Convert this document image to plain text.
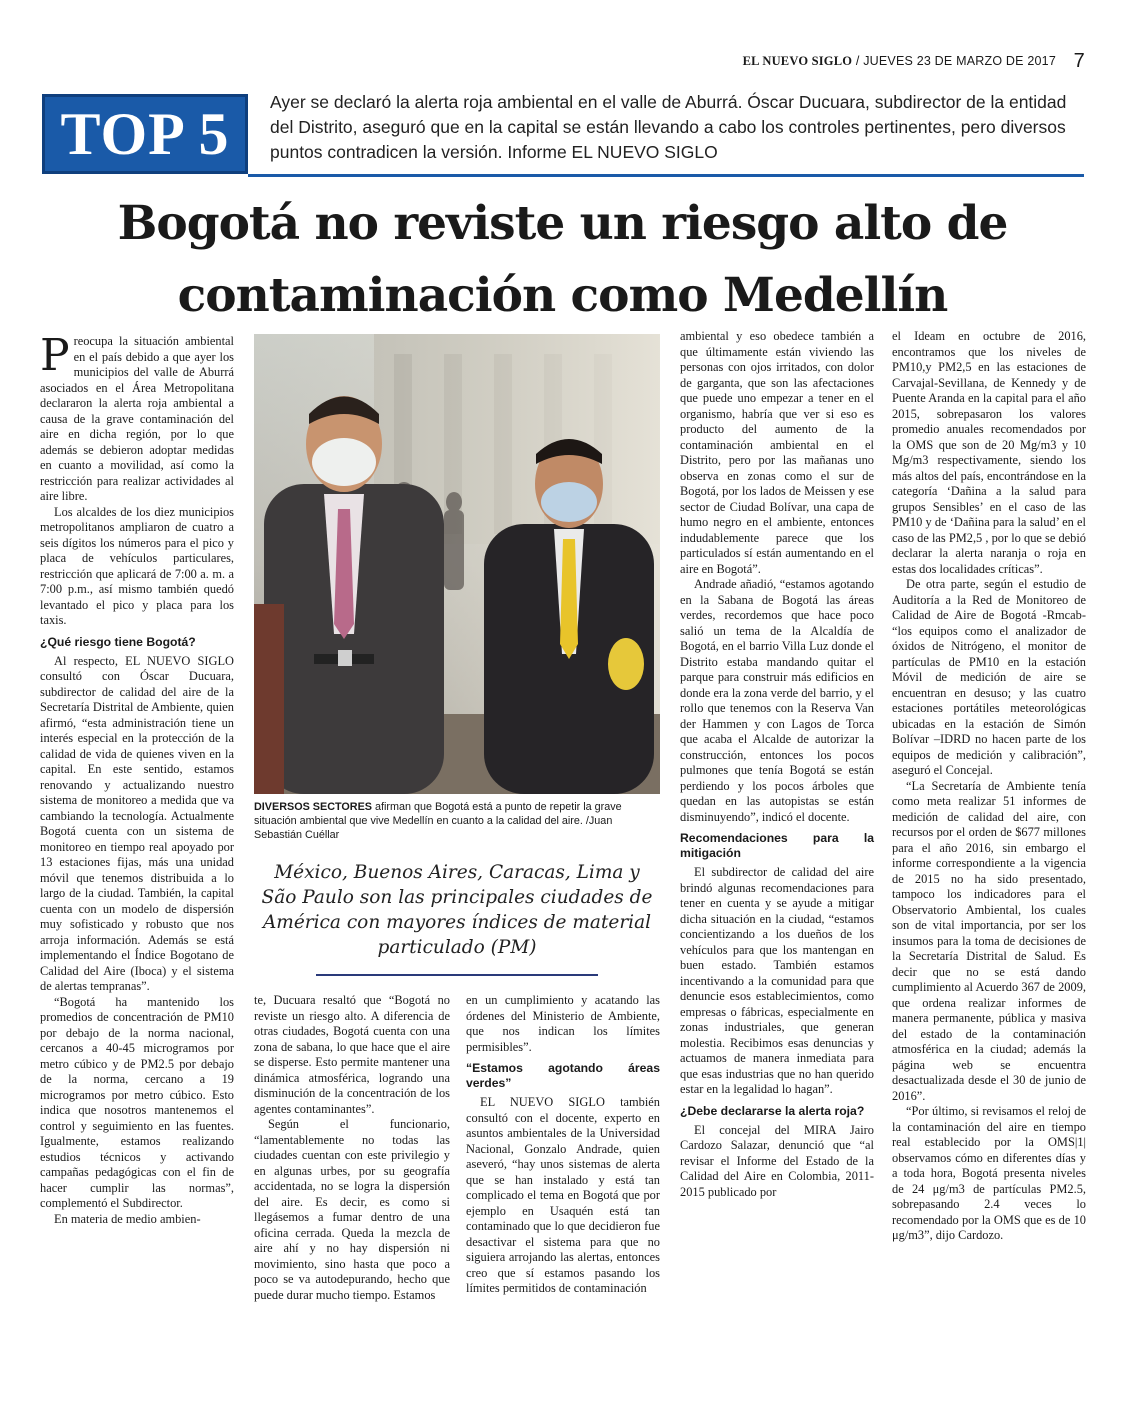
EL NUEVO SIGLO / JUEVES 23 DE MARZO DE 2017 7
TOP 5	Ayer se declaró la alerta roja ambiental en el valle de Aburrá. Óscar Ducuara, subdirector de la entidad del Distrito, aseguró que en la capital se están llevando a cabo los controles pertinentes, pero diversos puntos contradicen la versión. Informe EL NUEVO SIGLO
Bogotá no reviste un riesgo alto de
contaminación como Medellín

Preocupa la situación ambiental en el país debido a que ayer los municipios del valle de Aburrá asociados en el Área Metropolitana declararon la alerta roja ambiental a causa de la grave contaminación del aire en dicha región, por lo que además se debieron adoptar medidas en cuanto a movilidad, así como la restricción para realizar actividades al aire libre.

Los alcaldes de los diez municipios metropolitanos ampliaron de cuatro a seis dígitos los números para el pico y placa de vehículos particulares, restricción que aplicará de 7:00 a. m. a 7:00 p.m., así mismo también quedó levantado el pico y placa para los taxis.

¿Qué riesgo tiene Bogotá?

Al respecto, EL NUEVO SIGLO consultó con Óscar Ducuara, subdirector de calidad del aire de la Secretaría Distrital de Ambiente, quien afirmó, “esta administración tiene un interés especial en la protección de la calidad de vida de quienes viven en la capital. En este sentido, estamos renovando y actualizando nuestro sistema de monitoreo a medida que va cambiando la tecnología. Actualmente Bogotá cuenta con un sistema de monitoreo en tiempo real apoyado por 13 estaciones fijas, más una unidad móvil que tenemos distribuida a lo largo de la ciudad. También, la capital cuenta con un modelo de dispersión muy sofisticado y robusto que nos arroja información. Además se está implementando el Índice Bogotano de Calidad del Aire (Iboca) y el sistema de alertas tempranas”.

“Bogotá ha mantenido los promedios de concentración de PM10 por debajo de la norma nacional, cercanos a 40-45 microgramos por metro cúbico y de PM2.5 por debajo de la norma, cercano a 19 microgramos por metro cúbico. Esto indica que nosotros mantenemos el control y seguimiento en las fuentes. Igualmente, estamos realizando estudios técnicos y activando campañas pedagógicas con el fin de hacer cumplir las normas”, complementó el Subdirector.

En materia de medio ambien-

DIVERSOS SECTORES afirman que Bogotá está a punto de repetir la grave situación ambiental que vive Medellín en cuanto a la calidad del aire. /Juan Sebastián Cuéllar
México, Buenos Aires, Caracas, Lima y São Paulo son las principales ciudades de América con mayores índices de material particulado (PM)

te, Ducuara resaltó que “Bogotá no reviste un riesgo alto. A diferencia de otras ciudades, Bogotá cuenta con una zona de sabana, lo que hace que el aire se disperse. Esto permite mantener una dinámica atmosférica, logrando una disminución de la concentración de los agentes contaminantes”.

Según el funcionario, “lamentablemente no todas las ciudades cuentan con este privilegio y en algunas urbes, por su geografía accidentada, no se logra la dispersión del aire. Es decir, es como si llegásemos a fumar dentro de una oficina cerrada. Queda la mezcla de aire ahí y no hay dispersión ni movimiento, sino hasta que poco a poco se va autodepurando, hecho que puede durar mucho tiempo. Estamos

en un cumplimiento y acatando las órdenes del Ministerio de Ambiente, que nos indican los límites permisibles”.

“Estamos agotando áreas verdes”

EL NUEVO SIGLO también consultó con el docente, experto en asuntos ambientales de la Universidad Nacional, Gonzalo Andrade, quien aseveró, “hay unos sistemas de alerta que se han instalado y está tan complicado el tema en Bogotá que por ejemplo en Usaquén está tan contaminado que lo que decidieron fue desactivar el sistema para que no siguiera arrojando las alertas, entonces creo que sí estamos pasando los límites permitidos de contaminación

ambiental y eso obedece también a que últimamente están viviendo las personas con ojos irritados, con dolor de garganta, que son las afectaciones que puede uno empezar a tener en el organismo, habría que ver si eso es producto del aumento de la contaminación ambiental en el Distrito, pero por las mañanas uno observa en zonas como el sur de Bogotá, por los lados de Meissen y ese sector de Ciudad Bolívar, una capa de humo negro en el ambiente, entonces indudablemente parece que los particulados sí están aumentando en el aire en Bogotá”.

Andrade añadió, “estamos agotando en la Sabana de Bogotá las áreas verdes, recordemos que hace poco salió un tema de la Alcaldía de Bogotá, en el barrio Villa Luz donde el Distrito estaba mandando quitar el parque para construir más edificios en donde era la zona verde del barrio, y el rollo que tenemos con la Reserva Van der Hammen y con Lagos de Torca que acaba el Alcalde de autorizar la construcción, entonces los pocos pulmones que tenía Bogotá se están perdiendo y los pocos árboles que quedan en las autopistas se están disminuyendo”, indicó el docente.

Recomendaciones para la mitigación

El subdirector de calidad del aire brindó algunas recomendaciones para tener en cuenta y se ayude a mitigar dicha situación en la ciudad, “estamos concientizando a los dueños de los vehículos para que los mantengan en buen estado. También estamos incentivando a la comunidad para que denuncie esos establecimientos, como empresas o fábricas, especialmente en zonas industriales, que generan molestia. Recibimos esas denuncias y actuamos de manera inmediata para que esas industrias que no han querido estar en la legalidad lo hagan”.

¿Debe declararse la alerta roja?

El concejal del MIRA Jairo Cardozo Salazar, denunció que “al revisar el Informe del Estado de la Calidad del Aire en Colombia, 2011-2015 publicado por

el Ideam en octubre de 2016, encontramos que los niveles de PM10,y PM2,5 en las estaciones de Carvajal-Sevillana, de Kennedy y de Puente Aranda en la capital para el año 2015, sobrepasaron los valores promedio anuales recomendados por la OMS que son de 20 Mg/m3 y 10 Mg/m3 respectivamente, siendo los más altos del país, encontrándose en la categoría ‘Dañina a la salud para grupos Sensibles’ en el caso de las PM10 y de ‘Dañina para la salud’ en el caso de las PM2,5 , por lo que se debió declarar la alerta naranja o roja en estas dos localidades críticas”.

De otra parte, según el estudio de Auditoría a la Red de Monitoreo de Calidad de Aire de Bogotá -Rmcab- “los equipos como el analizador de óxidos de Nitrógeno, el monitor de partículas de PM10 en la estación Móvil de medición de aire se encuentran en desuso; y las cuatro estaciones portátiles meteorológicas ubicadas en la estación de Simón Bolívar –IDRD no hacen parte de los equipos de medición y calibración”, aseguró el Concejal.

“La Secretaría de Ambiente tenía como meta realizar 51 informes de medición de calidad del aire, con recursos por el orden de $677 millones para el año 2016, sin embargo el informe correspondiente a la vigencia de 2015 no ha sido presentado, tampoco los indicadores para el Observatorio Ambiental, los cuales son de vital importancia, por ser los insumos para la toma de decisiones de la Secretaría Distrital de Salud. Es decir que no se está dando cumplimiento al Acuerdo 367 de 2009, que ordena realizar informes de manera permanente, pública y masiva del estado de la contaminación atmosférica en la ciudad; además la página web se encuentra desactualizada desde el 30 de junio de 2016”.

“Por último, si revisamos el reloj de la contaminación del aire en tiempo real establecido por la OMS|1| observamos cómo en diferentes días y a toda hora, Bogotá presenta niveles de 24 μg/m3 de partículas PM2.5, sobrepasando 2.4 veces lo recomendado por la OMS que es de 10 μg/m3”, dijo Cardozo.
